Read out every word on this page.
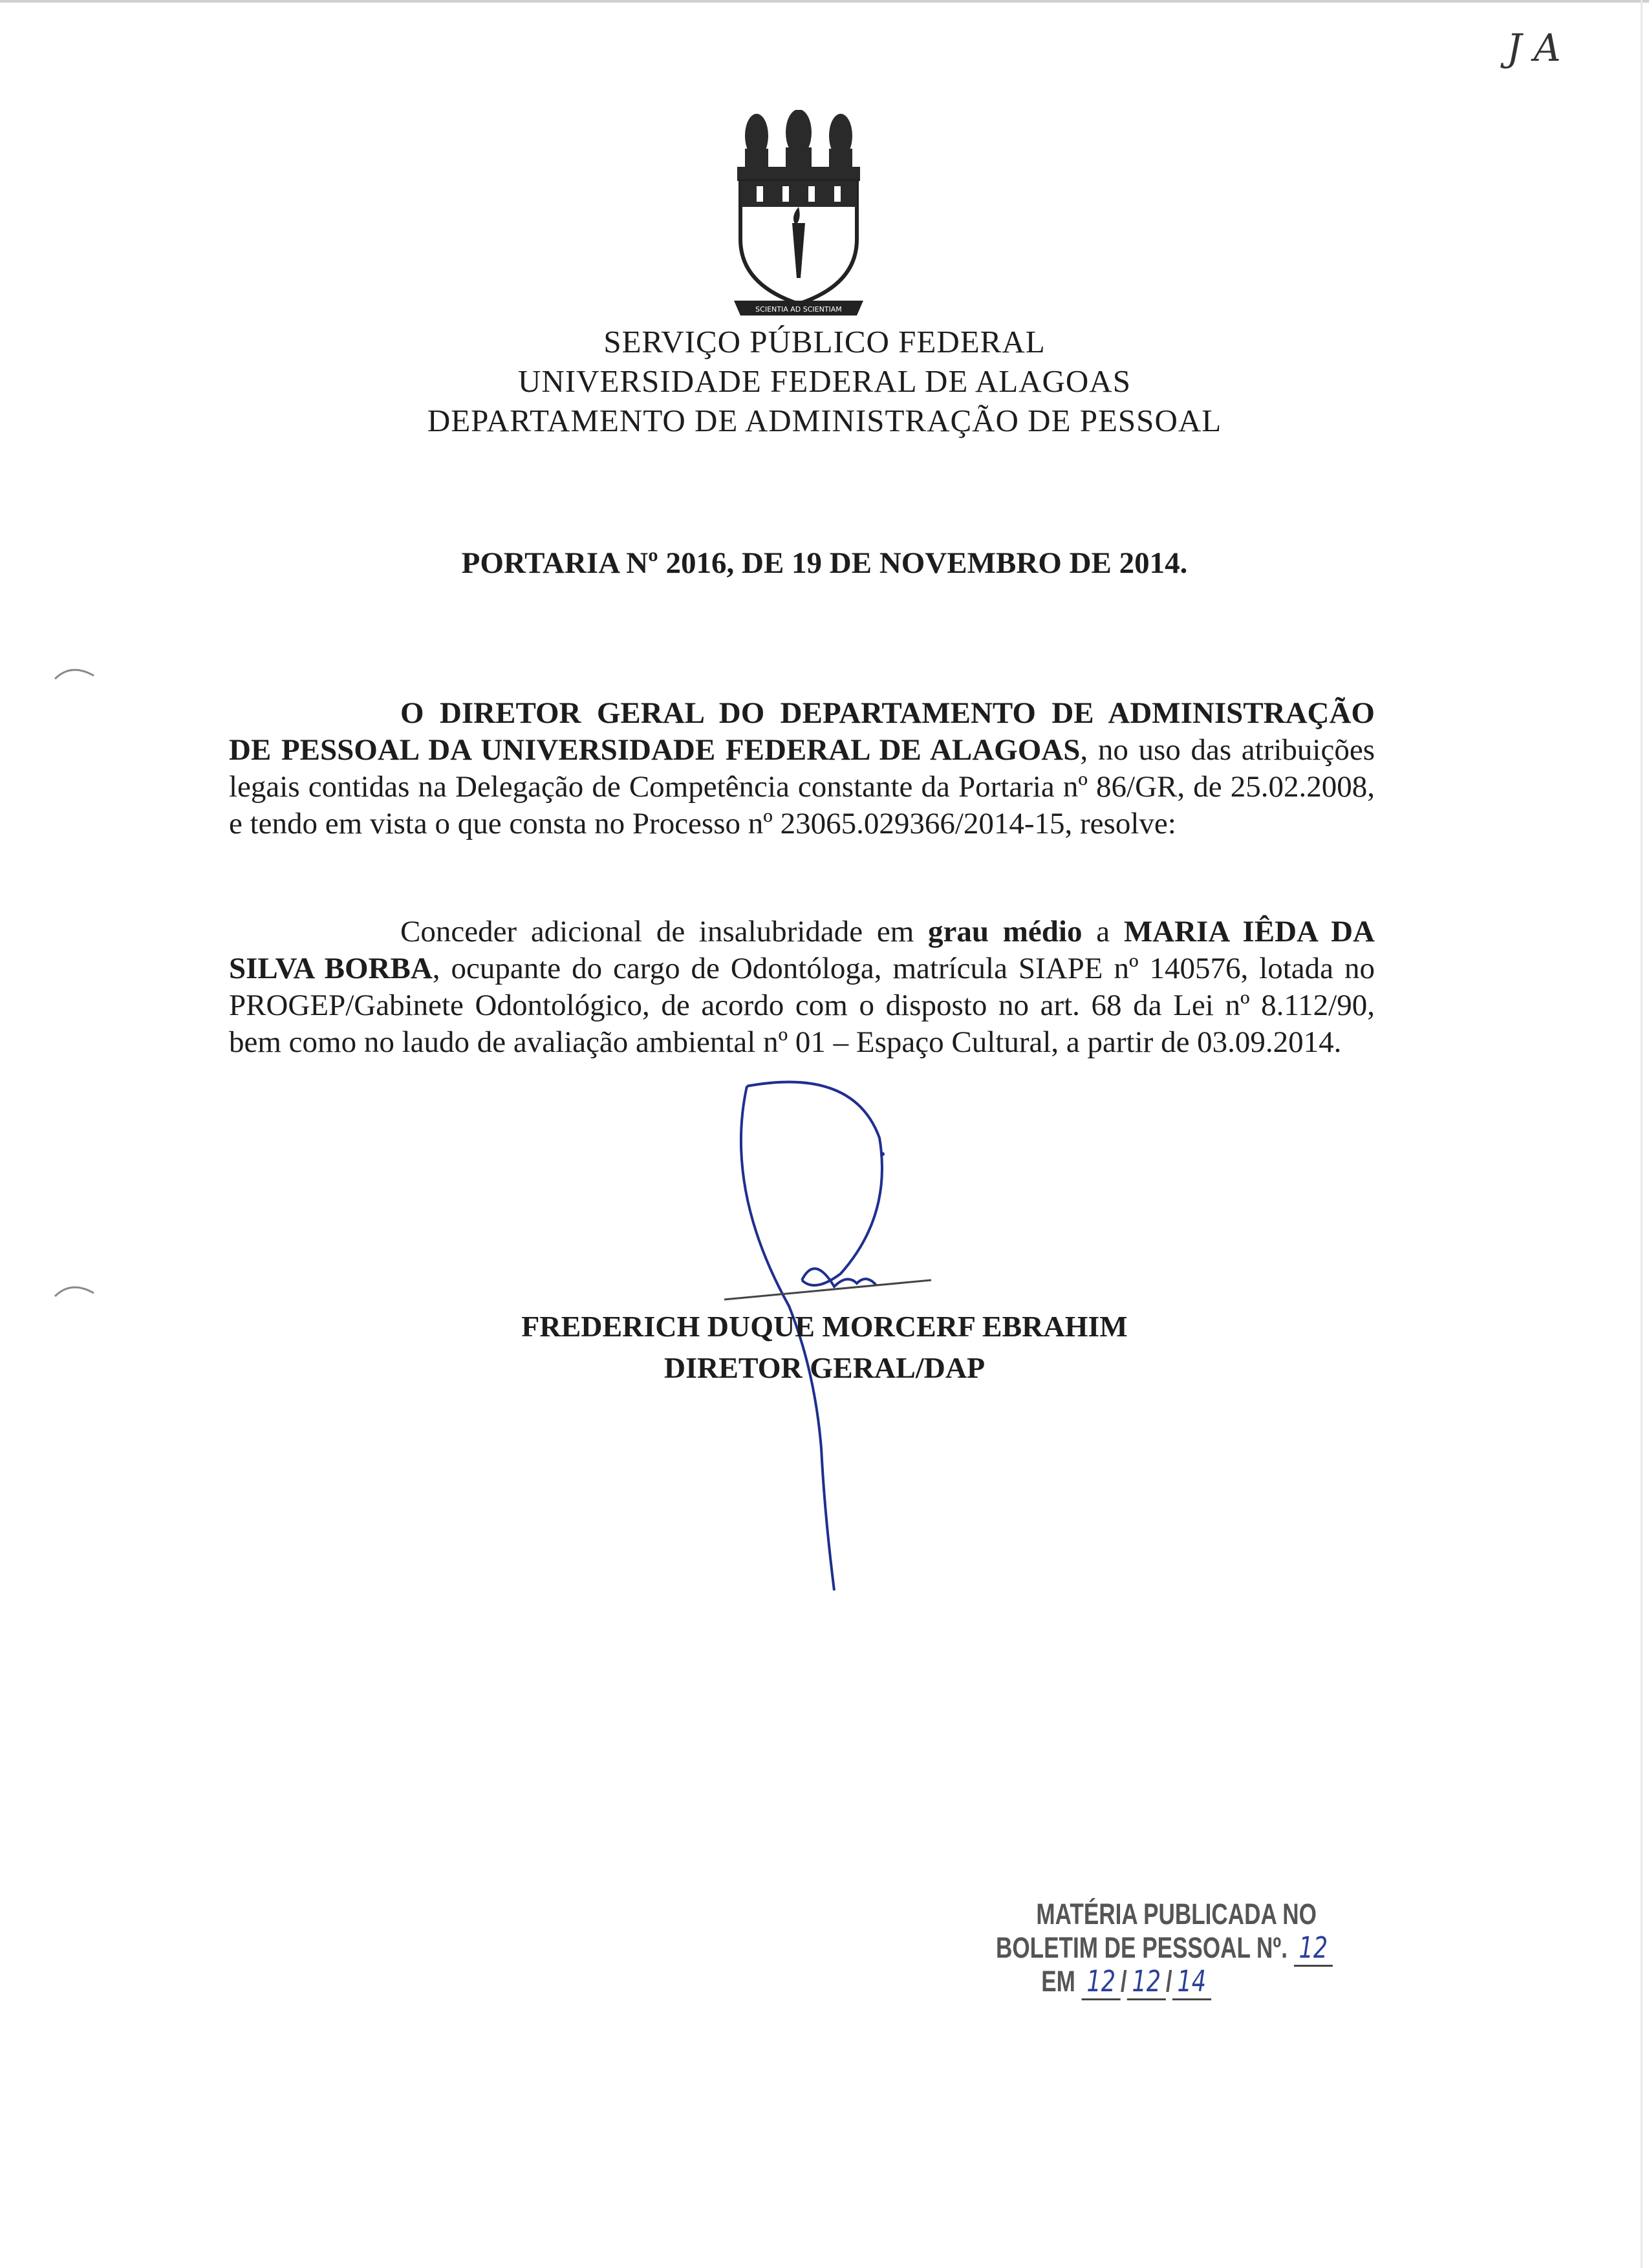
J A
SCIENTIA AD SCIENTIAM
SERVIÇO PÚBLICO FEDERAL
UNIVERSIDADE FEDERAL DE ALAGOAS
DEPARTAMENTO DE ADMINISTRAÇÃO DE PESSOAL
PORTARIA Nº 2016, DE 19 DE NOVEMBRO DE 2014.
O DIRETOR GERAL DO DEPARTAMENTO DE ADMINISTRAÇÃO DE PESSOAL DA UNIVERSIDADE FEDERAL DE ALAGOAS, no uso das atribuições legais contidas na Delegação de Competência constante da Portaria nº 86/GR, de 25.02.2008, e tendo em vista o que consta no Processo nº 23065.029366/2014-15, resolve:
Conceder adicional de insalubridade em grau médio a MARIA IÊDA DA SILVA BORBA, ocupante do cargo de Odontóloga, matrícula SIAPE nº 140576, lotada no PROGEP/Gabinete Odontológico, de acordo com o disposto no art. 68 da Lei nº 8.112/90, bem como no laudo de avaliação ambiental nº 01 – Espaço Cultural, a partir de 03.09.2014.
FREDERICH DUQUE MORCERF EBRAHIM
DIRETOR GERAL/DAP
MATÉRIA PUBLICADA NO
BOLETIM DE PESSOAL Nº. 12
EM 12 / 12 / 14
